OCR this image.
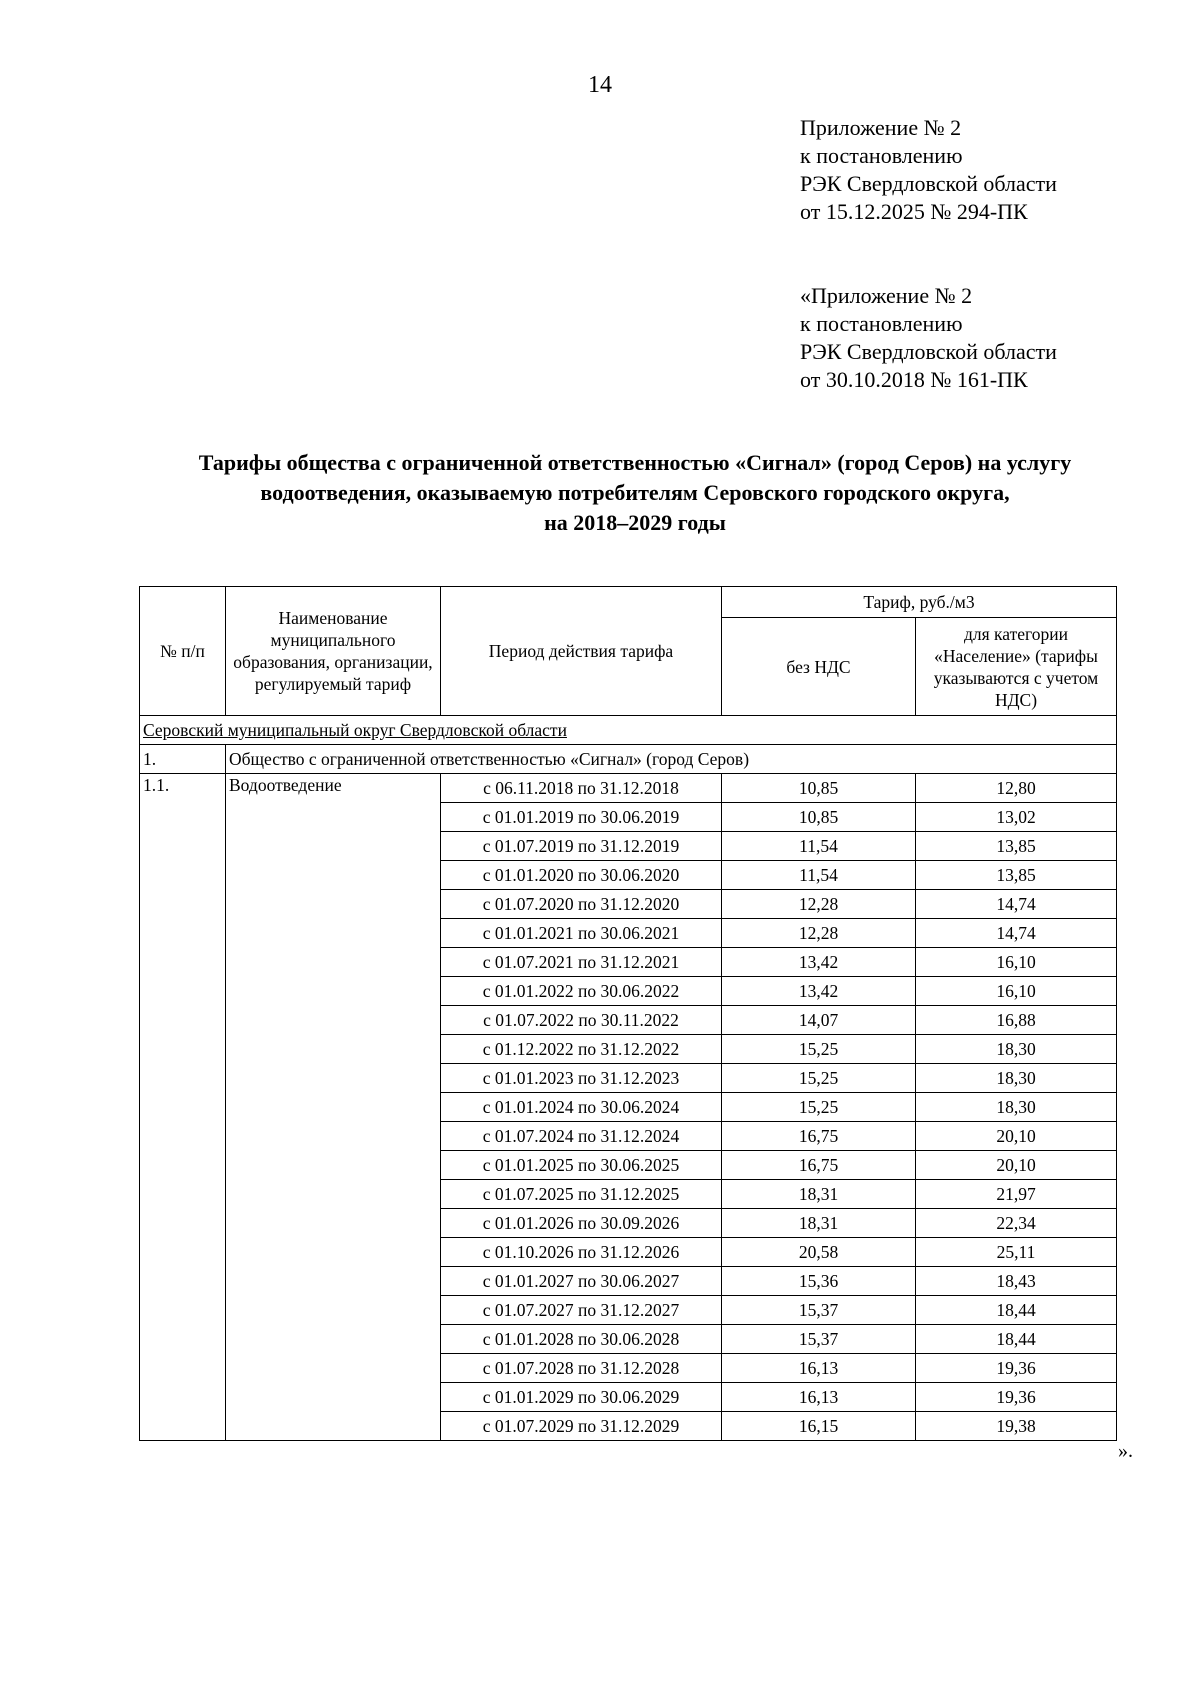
14
Приложение № 2
к постановлению
РЭК Свердловской области
от 15.12.2025 № 294-ПК
«Приложение № 2
к постановлению
РЭК Свердловской области
от 30.10.2018 № 161-ПК
Тарифы общества с ограниченной ответственностью «Сигнал» (город Серов) на услугу
водоотведения, оказываемую потребителям Серовского городского округа,
на 2018–2029 годы
№ п/п	Наименование муниципального образования, организации, регулируемый тариф	Период действия тарифа	Тариф, руб./м3	
			без НДС	для категории «Население» (тарифы указываются с учетом НДС)
Серовский муниципальный округ Свердловской области				
1.	Общество с ограниченной ответственностью «Сигнал» (город Серов)			
1.1.	Водоотведение	с 06.11.2018 по 31.12.2018	10,85	12,80
		с 01.01.2019 по 30.06.2019	10,85	13,02
		с 01.07.2019 по 31.12.2019	11,54	13,85
		с 01.01.2020 по 30.06.2020	11,54	13,85
		с 01.07.2020 по 31.12.2020	12,28	14,74
		с 01.01.2021 по 30.06.2021	12,28	14,74
		с 01.07.2021 по 31.12.2021	13,42	16,10
		с 01.01.2022 по 30.06.2022	13,42	16,10
		с 01.07.2022 по 30.11.2022	14,07	16,88
		с 01.12.2022 по 31.12.2022	15,25	18,30
		с 01.01.2023 по 31.12.2023	15,25	18,30
		с 01.01.2024 по 30.06.2024	15,25	18,30
		с 01.07.2024 по 31.12.2024	16,75	20,10
		с 01.01.2025 по 30.06.2025	16,75	20,10
		с 01.07.2025 по 31.12.2025	18,31	21,97
		с 01.01.2026 по 30.09.2026	18,31	22,34
		с 01.10.2026 по 31.12.2026	20,58	25,11
		с 01.01.2027 по 30.06.2027	15,36	18,43
		с 01.07.2027 по 31.12.2027	15,37	18,44
		с 01.01.2028 по 30.06.2028	15,37	18,44
		с 01.07.2028 по 31.12.2028	16,13	19,36
		с 01.01.2029 по 30.06.2029	16,13	19,36
		с 01.07.2029 по 31.12.2029	16,15	19,38
».
